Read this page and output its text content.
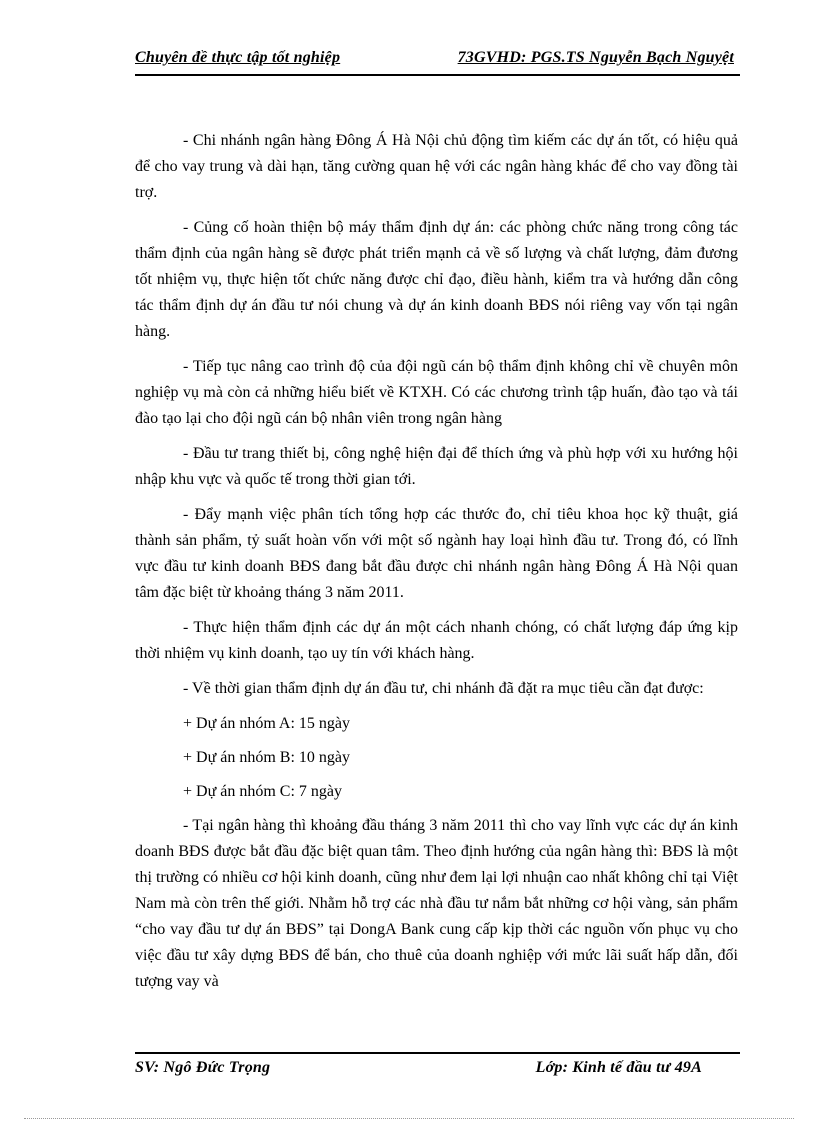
Chuyên đề thực tập tốt nghiệp	73GVHD: PGS.TS Nguyễn Bạch Nguyệt

- Chi nhánh ngân hàng Đông Á Hà Nội chủ động tìm kiếm các dự án tốt, có hiệu quả để cho vay trung và dài hạn, tăng cường quan hệ với các ngân hàng khác để cho vay đồng tài trợ.

- Củng cố hoàn thiện bộ máy thẩm định dự án: các phòng chức năng trong công tác thẩm định của ngân hàng sẽ được phát triển mạnh cả về số lượng và chất lượng, đảm đương tốt nhiệm vụ, thực hiện tốt chức năng được chỉ đạo, điều hành, kiểm tra và hướng dẫn công tác thẩm định dự án đầu tư nói chung và dự án kinh doanh BĐS nói riêng vay vốn tại ngân hàng.

- Tiếp tục nâng cao trình độ của đội ngũ cán bộ thẩm định không chỉ về chuyên môn nghiệp vụ mà còn cả những hiểu biết về KTXH. Có các chương trình tập huấn, đào tạo và tái đào tạo lại cho đội ngũ cán bộ nhân viên trong ngân hàng

- Đầu tư trang thiết bị, công nghệ hiện đại để thích ứng và phù hợp với xu hướng hội nhập khu vực và quốc tế trong thời gian tới.

- Đẩy mạnh việc phân tích tổng hợp các thước đo, chỉ tiêu khoa học kỹ thuật, giá thành sản phẩm, tỷ suất hoàn vốn với một số ngành hay loại hình đầu tư. Trong đó, có lĩnh vực đầu tư kinh doanh BĐS đang bắt đầu được chi nhánh ngân hàng Đông Á Hà Nội quan tâm đặc biệt từ khoảng tháng 3 năm 2011.

- Thực hiện thẩm định các dự án một cách nhanh chóng, có chất lượng đáp ứng kịp thời nhiệm vụ kinh doanh, tạo uy tín với khách hàng.

- Về thời gian thẩm định dự án đầu tư, chi nhánh đã đặt ra mục tiêu cần đạt được:

+ Dự án nhóm A: 15 ngày

+ Dự án nhóm B: 10 ngày

+ Dự án nhóm C: 7 ngày

- Tại ngân hàng thì khoảng đầu tháng 3 năm 2011 thì cho vay lĩnh vực các dự án kinh doanh BĐS được bắt đầu đặc biệt quan tâm. Theo định hướng của ngân hàng thì: BĐS là một thị trường có nhiều cơ hội kinh doanh, cũng như đem lại lợi nhuận cao nhất không chỉ tại Việt Nam mà còn trên thế giới. Nhằm hỗ trợ các nhà đầu tư nắm bắt những cơ hội vàng, sản phẩm “cho vay đầu tư dự án BĐS” tại DongA Bank cung cấp kịp thời các nguồn vốn phục vụ cho việc đầu tư xây dựng BĐS để bán, cho thuê của doanh nghiệp với mức lãi suất hấp dẫn, đối tượng vay và

SV: Ngô Đức Trọng	Lớp: Kinh tế đầu tư 49A
